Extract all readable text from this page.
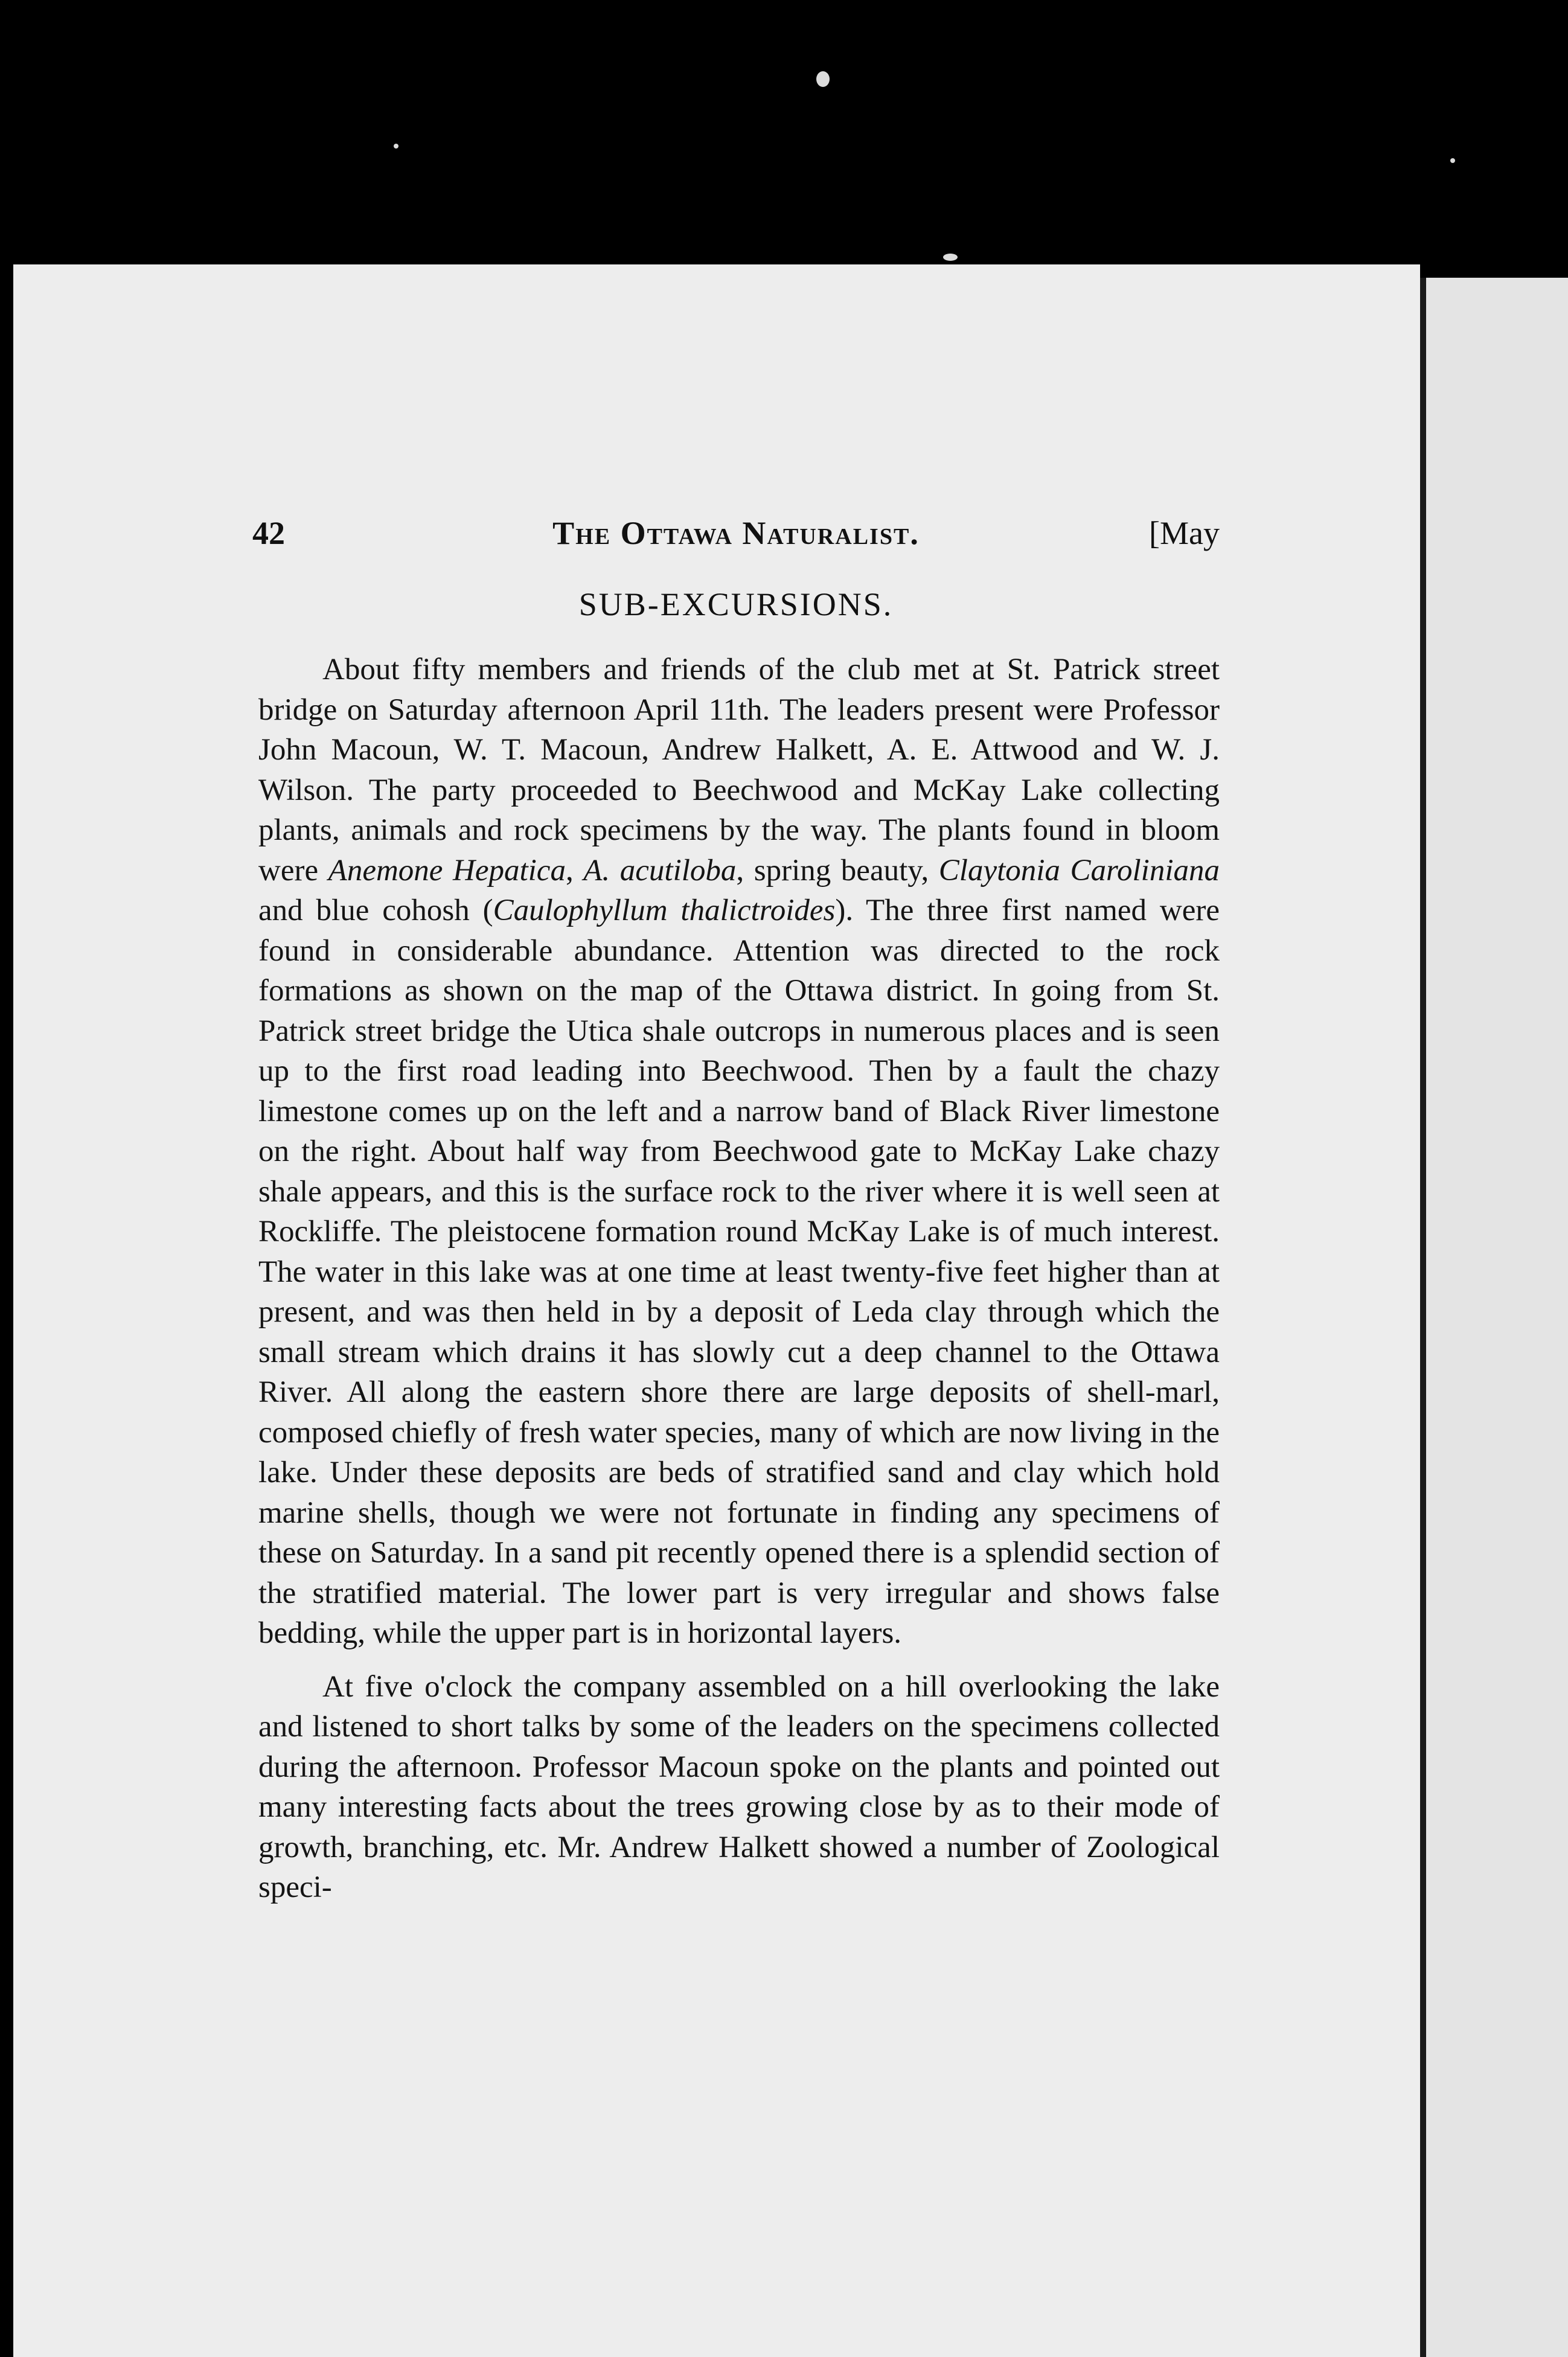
42	The Ottawa Naturalist.	[May
SUB-EXCURSIONS.

About fifty members and friends of the club met at St. Patrick street bridge on Saturday afternoon April 11th. The leaders present were Professor John Macoun, W. T. Macoun, Andrew Halkett, A. E. Attwood and W. J. Wilson. The party proceeded to Beechwood and McKay Lake collecting plants, animals and rock specimens by the way. The plants found in bloom were Anemone Hepatica, A. acutiloba, spring beauty, Claytonia Caroliniana and blue cohosh (Caulophyllum thalictroides). The three first named were found in considerable abundance. Attention was directed to the rock formations as shown on the map of the Ottawa district. In going from St. Patrick street bridge the Utica shale outcrops in numerous places and is seen up to the first road leading into Beechwood. Then by a fault the chazy limestone comes up on the left and a narrow band of Black River limestone on the right. About half way from Beechwood gate to McKay Lake chazy shale appears, and this is the surface rock to the river where it is well seen at Rockliffe. The pleistocene formation round McKay Lake is of much interest. The water in this lake was at one time at least twenty-five feet higher than at present, and was then held in by a deposit of Leda clay through which the small stream which drains it has slowly cut a deep channel to the Ottawa River. All along the eastern shore there are large deposits of shell-marl, composed chiefly of fresh water species, many of which are now living in the lake. Under these deposits are beds of stratified sand and clay which hold marine shells, though we were not fortunate in finding any specimens of these on Saturday. In a sand pit recently opened there is a splendid section of the stratified material. The lower part is very irregular and shows false bedding, while the upper part is in horizontal layers.

At five o'clock the company assembled on a hill overlooking the lake and listened to short talks by some of the leaders on the specimens collected during the afternoon. Professor Macoun spoke on the plants and pointed out many interesting facts about the trees growing close by as to their mode of growth, branching, etc. Mr. Andrew Halkett showed a number of Zoological speci-
